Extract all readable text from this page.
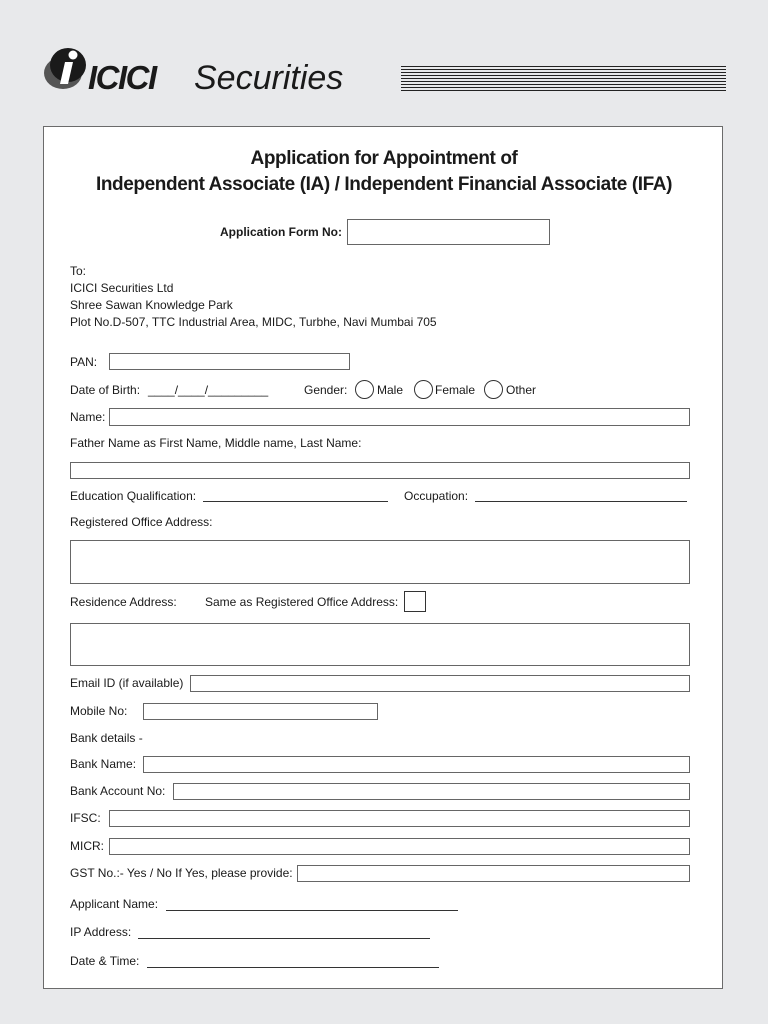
ICICI Securities
Application for Appointment of
Independent Associate (IA) / Independent Financial Associate (IFA)
Application Form No:
To:
ICICI Securities Ltd
Shree Sawan Knowledge Park
Plot No.D-507, TTC Industrial Area, MIDC, Turbhe, Navi Mumbai 705
PAN:
Date of Birth: ____/____/_________	Gender: Male	Female	Other
Name:
Father Name as First Name, Middle name, Last Name:
Education Qualification:	Occupation:
Registered Office Address:
Residence Address: Same as Registered Office Address:
Email ID (if available)
Mobile No:
Bank details -
Bank Name:
Bank Account No:
IFSC:
MICR:
GST No.:- Yes / No If Yes, please provide:
Applicant Name:
IP Address:
Date & Time:
